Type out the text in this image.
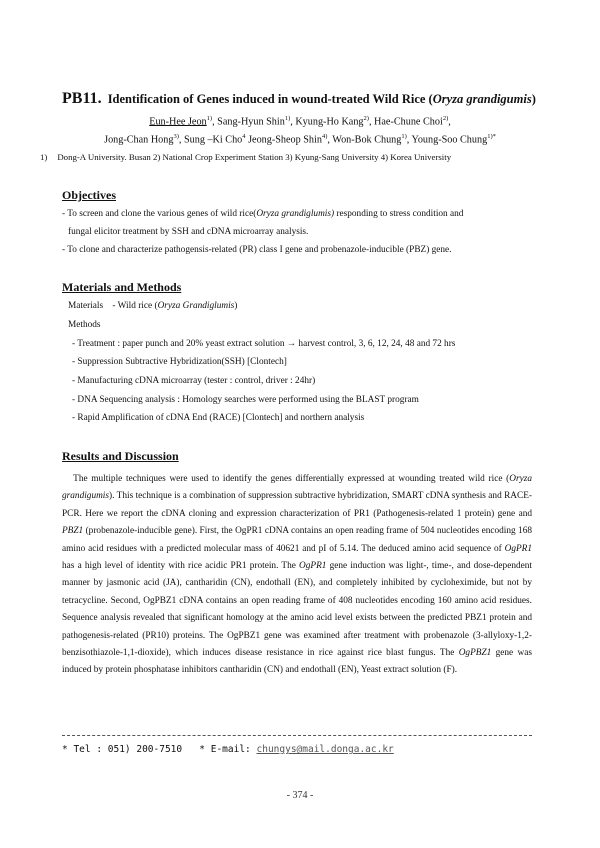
PB11. Identification of Genes induced in wound-treated Wild Rice (Oryza grandigumis)
Eun-Hee Jeon$^{1)}$, Sang-Hyun Shin$^{1)}$, Kyung-Ho Kang$^{2)}$, Hae-Chune Choi$^{2)}$,
Jong-Chan Hong$^{3)}$, Sung –Ki Cho$^4$ Jeong-Sheop Shin$^{4)}$, Won-Bok Chung$^{1)}$, Young-Soo Chung$^{1)*}$
1) Dong-A University. Busan 2) National Crop Experiment Station 3) Kyung-Sang University 4) Korea University
Objectives
- To screen and clone the various genes of wild rice(Oryza grandiglumis) responding to stress condition and
fungal elicitor treatment by SSH and cDNA microarray analysis.
- To clone and characterize pathogensis-related (PR) class I gene and probenazole-inducible (PBZ) gene.
Materials and Methods
Materials - Wild rice (Oryza Grandiglumis)
Methods
- Treatment : paper punch and 20% yeast extract solution → harvest control, 3, 6, 12, 24, 48 and 72 hrs
- Suppression Subtractive Hybridization(SSH) [Clontech]
- Manufacturing cDNA microarray (tester : control, driver : 24hr)
- DNA Sequencing analysis : Homology searches were performed using the BLAST program
- Rapid Amplification of cDNA End (RACE) [Clontech] and northern analysis
Results and Discussion
The multiple techniques were used to identify the genes differentially expressed at wounding treated wild rice (Oryza grandigumis). This technique is a combination of suppression subtractive hybridization, SMART cDNA synthesis and RACE-PCR. Here we report the cDNA cloning and expression characterization of PR1 (Pathogenesis-related 1 protein) gene and PBZ1 (probenazole-inducible gene). First, the OgPR1 cDNA contains an open reading frame of 504 nucleotides encoding 168 amino acid residues with a predicted molecular mass of 40621 and pI of 5.14. The deduced amino acid sequence of OgPR1 has a high level of identity with rice acidic PR1 protein. The OgPR1 gene induction was light-, time-, and dose-dependent manner by jasmonic acid (JA), cantharidin (CN), endothall (EN), and completely inhibited by cycloheximide, but not by tetracycline. Second, OgPBZ1 cDNA contains an open reading frame of 408 nucleotides encoding 160 amino acid residues. Sequence analysis revealed that significant homology at the amino acid level exists between the predicted PBZ1 protein and pathogenesis-related (PR10) proteins. The OgPBZ1 gene was examined after treatment with probenazole (3-allyloxy-1,2-benzisothiazole-1,1-dioxide), which induces disease resistance in rice against rice blast fungus. The OgPBZ1 gene was induced by protein phosphatase inhibitors cantharidin (CN) and endothall (EN), Yeast extract solution (F).
* Tel : 051) 200-7510 * E-mail: chungys@mail.donga.ac.kr
- 374 -
